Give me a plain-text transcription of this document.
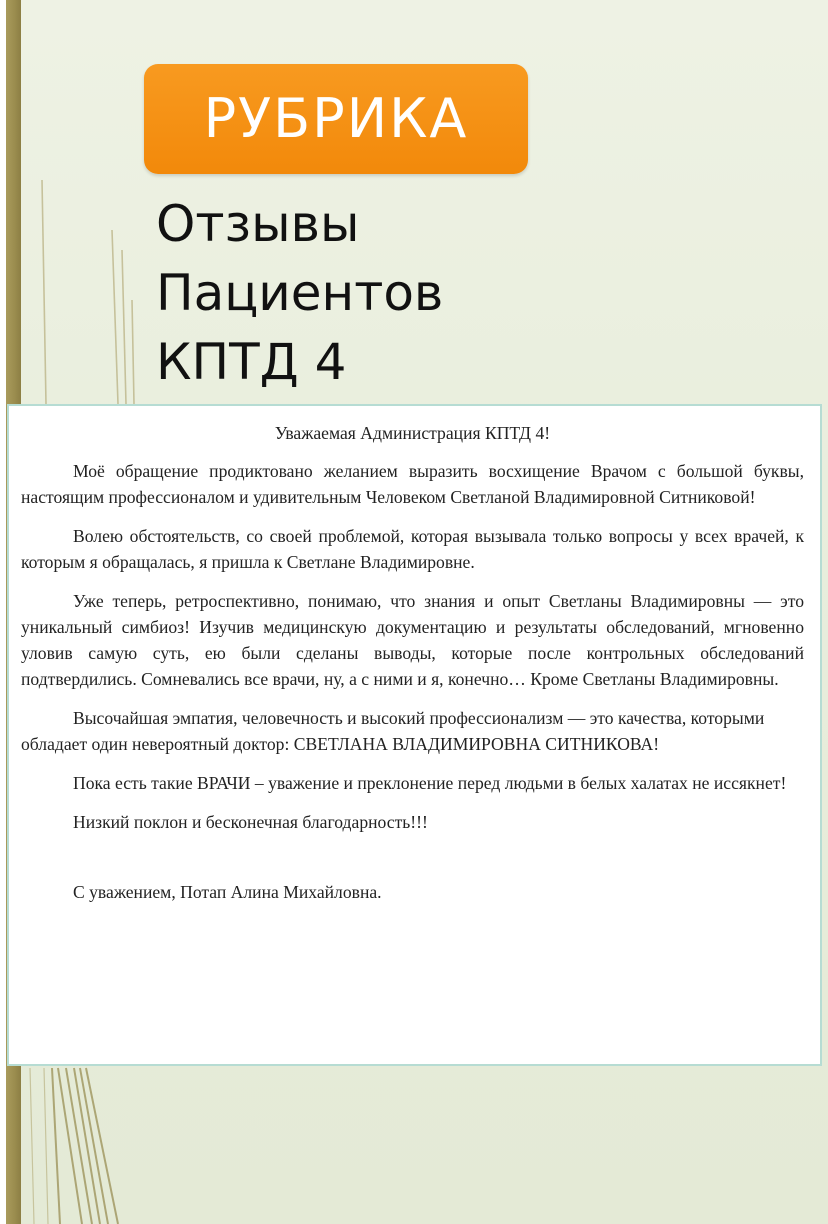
РУБРИКА
Отзывы
Пациентов
КПТД 4
Уважаемая Администрация КПТД 4!

Моё обращение продиктовано желанием выразить восхищение Врачом с большой буквы, настоящим профессионалом и удивительным Человеком Светланой Владимировной Ситниковой!

Волею обстоятельств, со своей проблемой, которая вызывала только вопросы у всех врачей, к которым я обращалась, я пришла к Светлане Владимировне.

Уже теперь, ретроспективно, понимаю, что знания и опыт Светланы Владимировны — это уникальный симбиоз! Изучив медицинскую документацию и результаты обследований, мгновенно уловив самую суть, ею были сделаны выводы, которые после контрольных обследований подтвердились. Сомневались все врачи, ну, а с ними и я, конечно… Кроме Светланы Владимировны.

Высочайшая эмпатия, человечность и высокий профессионализм — это качества, которыми обладает один невероятный доктор: СВЕТЛАНА ВЛАДИМИРОВНА СИТНИКОВА!

Пока есть такие ВРАЧИ – уважение и преклонение перед людьми в белых халатах не иссякнет!

Низкий поклон и бесконечная благодарность!!!

С уважением, Потап Алина Михайловна.
